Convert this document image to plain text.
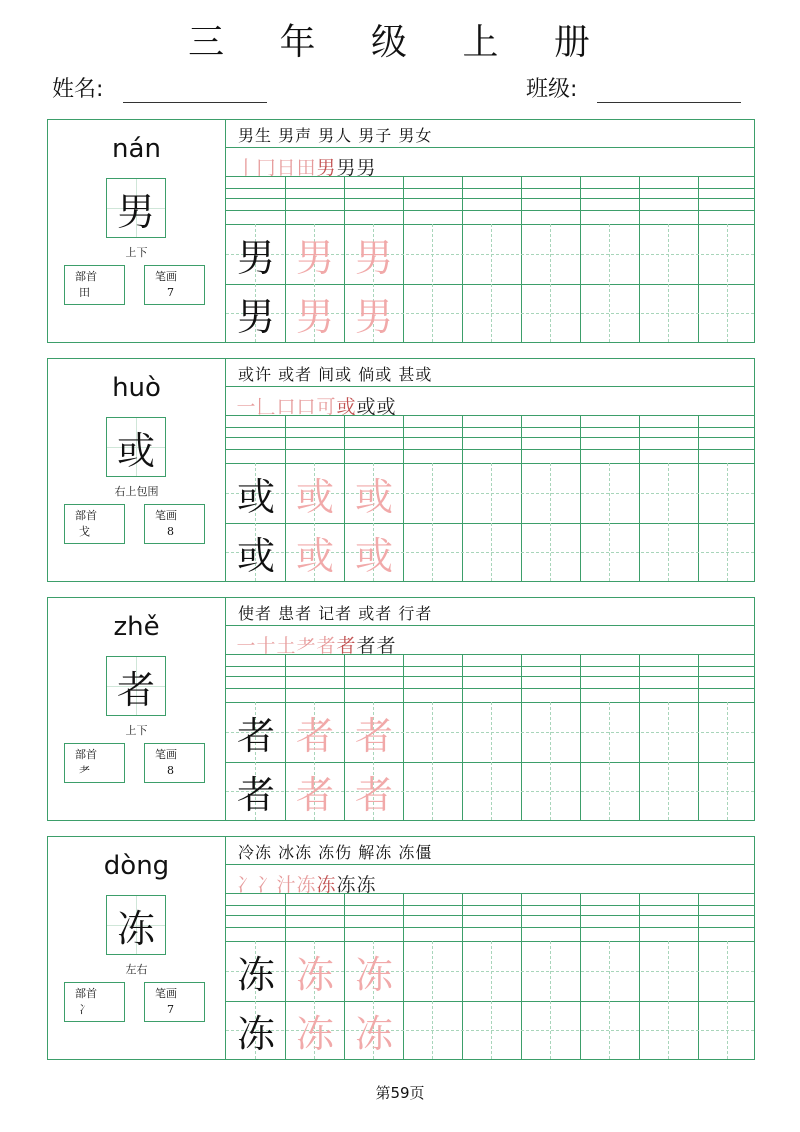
三 年 级 上 册
姓名:	班级:
nán
男
上下
部首
田
笔画
7
男生 男声 男人 男子 男女
丨冂日田男男男
男 男 男
男 男 男
huò
或
右上包围
部首
戈
笔画
8
或许 或者 间或 倘或 甚或
一𠃊口口可或或或
或 或 或
或 或 或
zhě
者
上下
部首
耂
笔画
8
使者 患者 记者 或者 行者
一十土耂者者者者
者 者 者
者 者 者
dòng
冻
左右
部首
冫
笔画
7
冷冻 冰冻 冻伤 解冻 冻僵
冫冫汁冻冻冻冻
冻 冻 冻
冻 冻 冻
第59页
